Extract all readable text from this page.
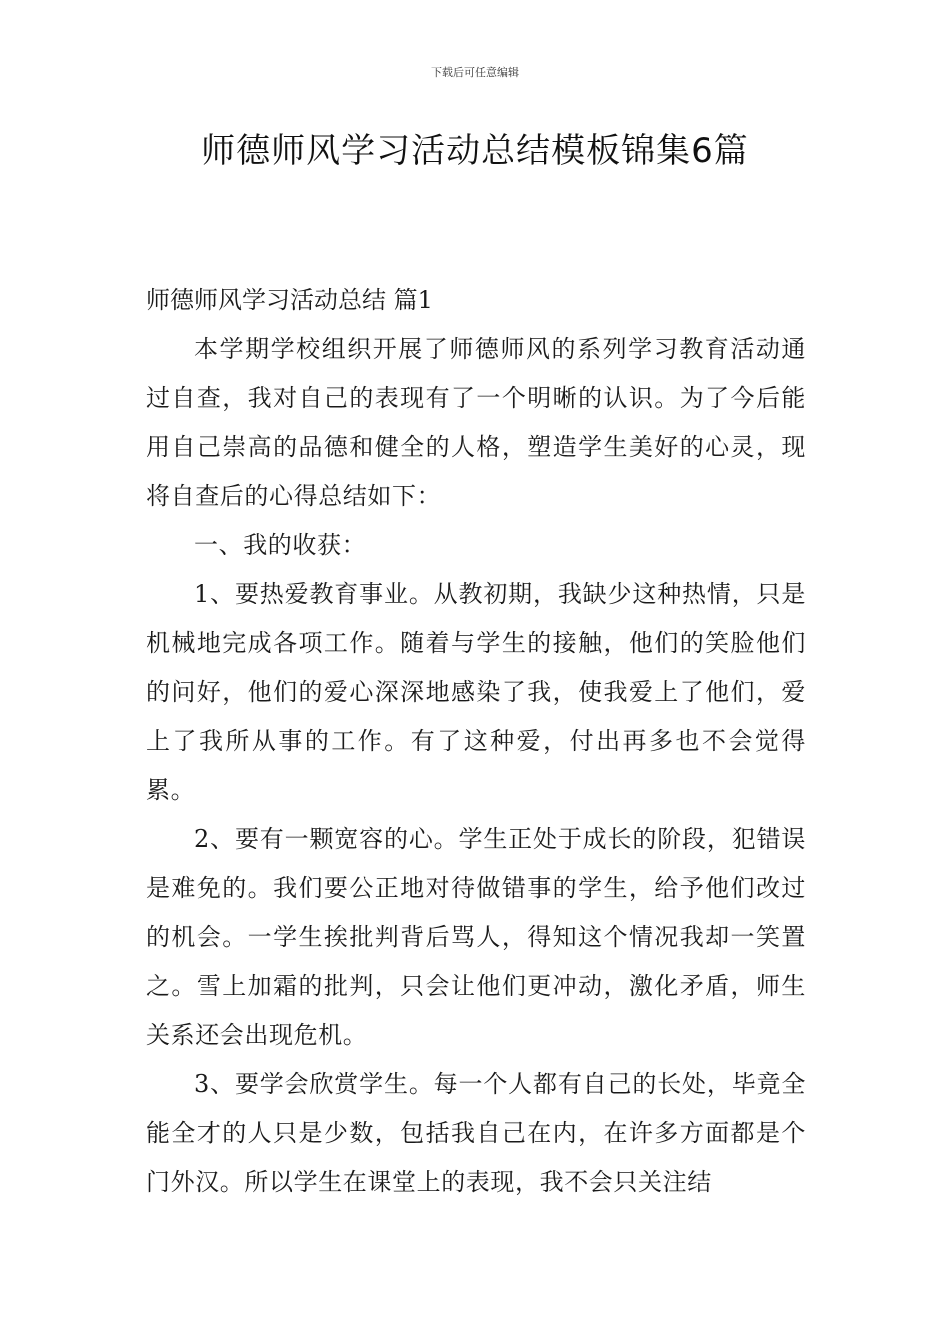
下载后可任意编辑
师德师风学习活动总结模板锦集6篇

师德师风学习活动总结 篇1

本学期学校组织开展了师德师风的系列学习教育活动通过自查，我对自己的表现有了一个明晰的认识。为了今后能用自己崇高的品德和健全的人格，塑造学生美好的心灵，现将自查后的心得总结如下：

一、我的收获：

1、要热爱教育事业。从教初期，我缺少这种热情，只是机械地完成各项工作。随着与学生的接触，他们的笑脸他们的问好，他们的爱心深深地感染了我，使我爱上了他们，爱上了我所从事的工作。有了这种爱，付出再多也不会觉得累。

2、要有一颗宽容的心。学生正处于成长的阶段，犯错误是难免的。我们要公正地对待做错事的学生，给予他们改过的机会。一学生挨批判背后骂人，得知这个情况我却一笑置之。雪上加霜的批判，只会让他们更冲动，激化矛盾，师生关系还会出现危机。

3、要学会欣赏学生。每一个人都有自己的长处，毕竟全能全才的人只是少数，包括我自己在内，在许多方面都是个门外汉。所以学生在课堂上的表现，我不会只关注结
